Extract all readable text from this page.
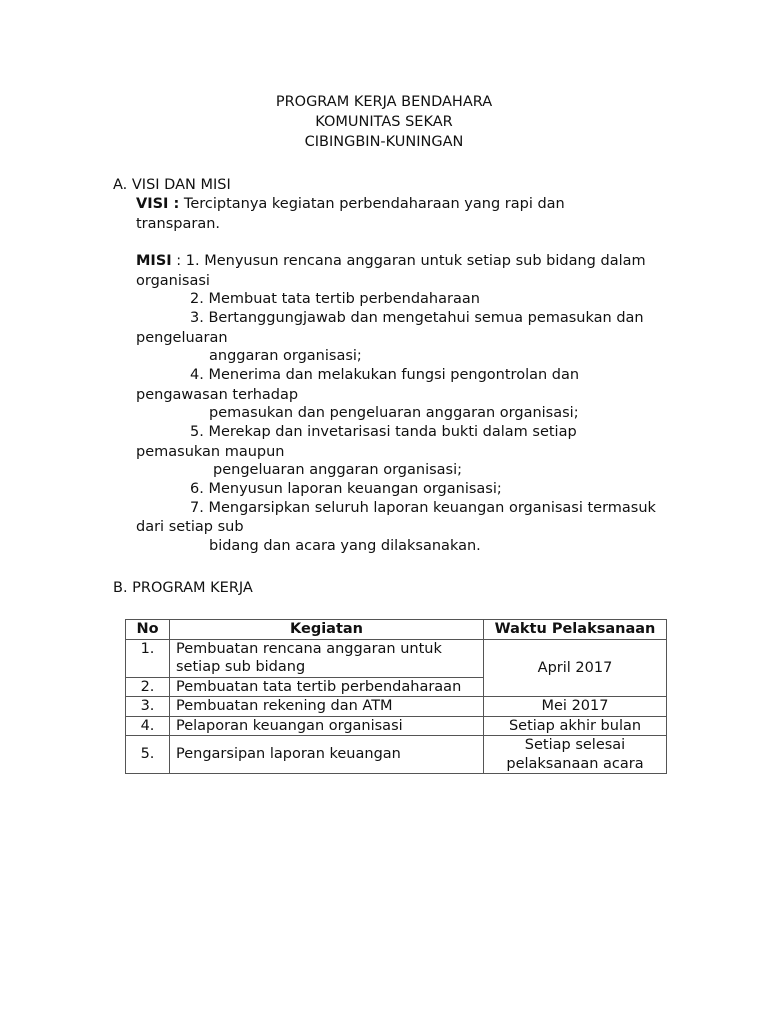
PROGRAM KERJA BENDAHARA
KOMUNITAS SEKAR
CIBINGBIN-KUNINGAN
A. VISI DAN MISI
VISI : Terciptanya kegiatan perbendaharaan yang rapi dan
transparan.
MISI : 1. Menyusun rencana anggaran untuk setiap sub bidang dalam
organisasi
2. Membuat tata tertib perbendaharaan
3. Bertanggungjawab dan mengetahui semua pemasukan dan
pengeluaran
anggaran organisasi;
4. Menerima dan melakukan fungsi pengontrolan dan
pengawasan terhadap
pemasukan dan pengeluaran anggaran organisasi;
5. Merekap dan invetarisasi tanda bukti dalam setiap
pemasukan maupun
pengeluaran anggaran organisasi;
6. Menyusun laporan keuangan organisasi;
7. Mengarsipkan seluruh laporan keuangan organisasi termasuk
dari setiap sub
bidang dan acara yang dilaksanakan.
B. PROGRAM KERJA
No	Kegiatan	Waktu Pelaksanaan
1.	Pembuatan rencana anggaran untuk
setiap sub bidang	April 2017
2.	Pembuatan tata tertib perbendaharaan	
3.	Pembuatan rekening dan ATM	Mei 2017
4.	Pelaporan keuangan organisasi	Setiap akhir bulan
5.	Pengarsipan laporan keuangan	Setiap selesai
pelaksanaan acara
